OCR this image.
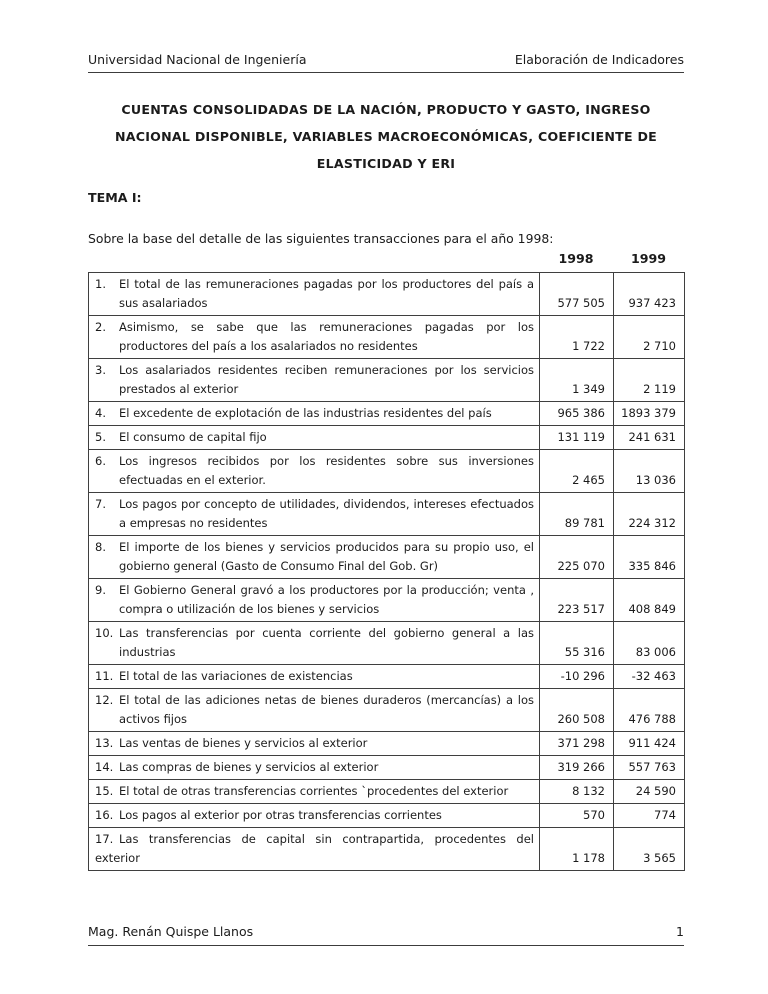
Universidad Nacional de Ingeniería	Elaboración de Indicadores
CUENTAS CONSOLIDADAS DE LA NACIÓN, PRODUCTO Y GASTO, INGRESO
NACIONAL DISPONIBLE, VARIABLES MACROECONÓMICAS, COEFICIENTE DE
ELASTICIDAD Y ERI
TEMA I:
Sobre la base del detalle de las siguientes transacciones para el año 1998:
1998	1999
1. El total de las remuneraciones pagadas por los productores del país a sus asalariados	577 505	937 423

2. Asimismo, se sabe que las remuneraciones pagadas por los productores del país a los asalariados no residentes	1 722	2 710

3. Los asalariados residentes reciben remuneraciones por los servicios prestados al exterior	1 349	2 119

4. El excedente de explotación de las industrias residentes del país	965 386	1893 379

5. El consumo de capital fijo	131 119	241 631

6. Los ingresos recibidos por los residentes sobre sus inversiones efectuadas en el exterior.	2 465	13 036

7. Los pagos por concepto de utilidades, dividendos, intereses efectuados a empresas no residentes	89 781	224 312

8. El importe de los bienes y servicios producidos para su propio uso, el gobierno general (Gasto de Consumo Final del Gob. Gr)	225 070	335 846

9. El Gobierno General gravó a los productores por la producción; venta , compra o utilización de los bienes y servicios	223 517	408 849

10. Las transferencias por cuenta corriente del gobierno general a las industrias	55 316	83 006

11. El total de las variaciones de existencias	-10 296	-32 463

12. El total de las adiciones netas de bienes duraderos (mercancías) a los activos fijos	260 508	476 788

13. Las ventas de bienes y servicios al exterior	371 298	911 424

14. Las compras de bienes y servicios al exterior	319 266	557 763

15. El total de otras transferencias corrientes `procedentes del exterior	8 132	24 590

16. Los pagos al exterior por otras transferencias corrientes	570	774

17. Las transferencias de capital sin contrapartida, procedentes del exterior	1 178	3 565
Mag. Renán Quispe Llanos	1
